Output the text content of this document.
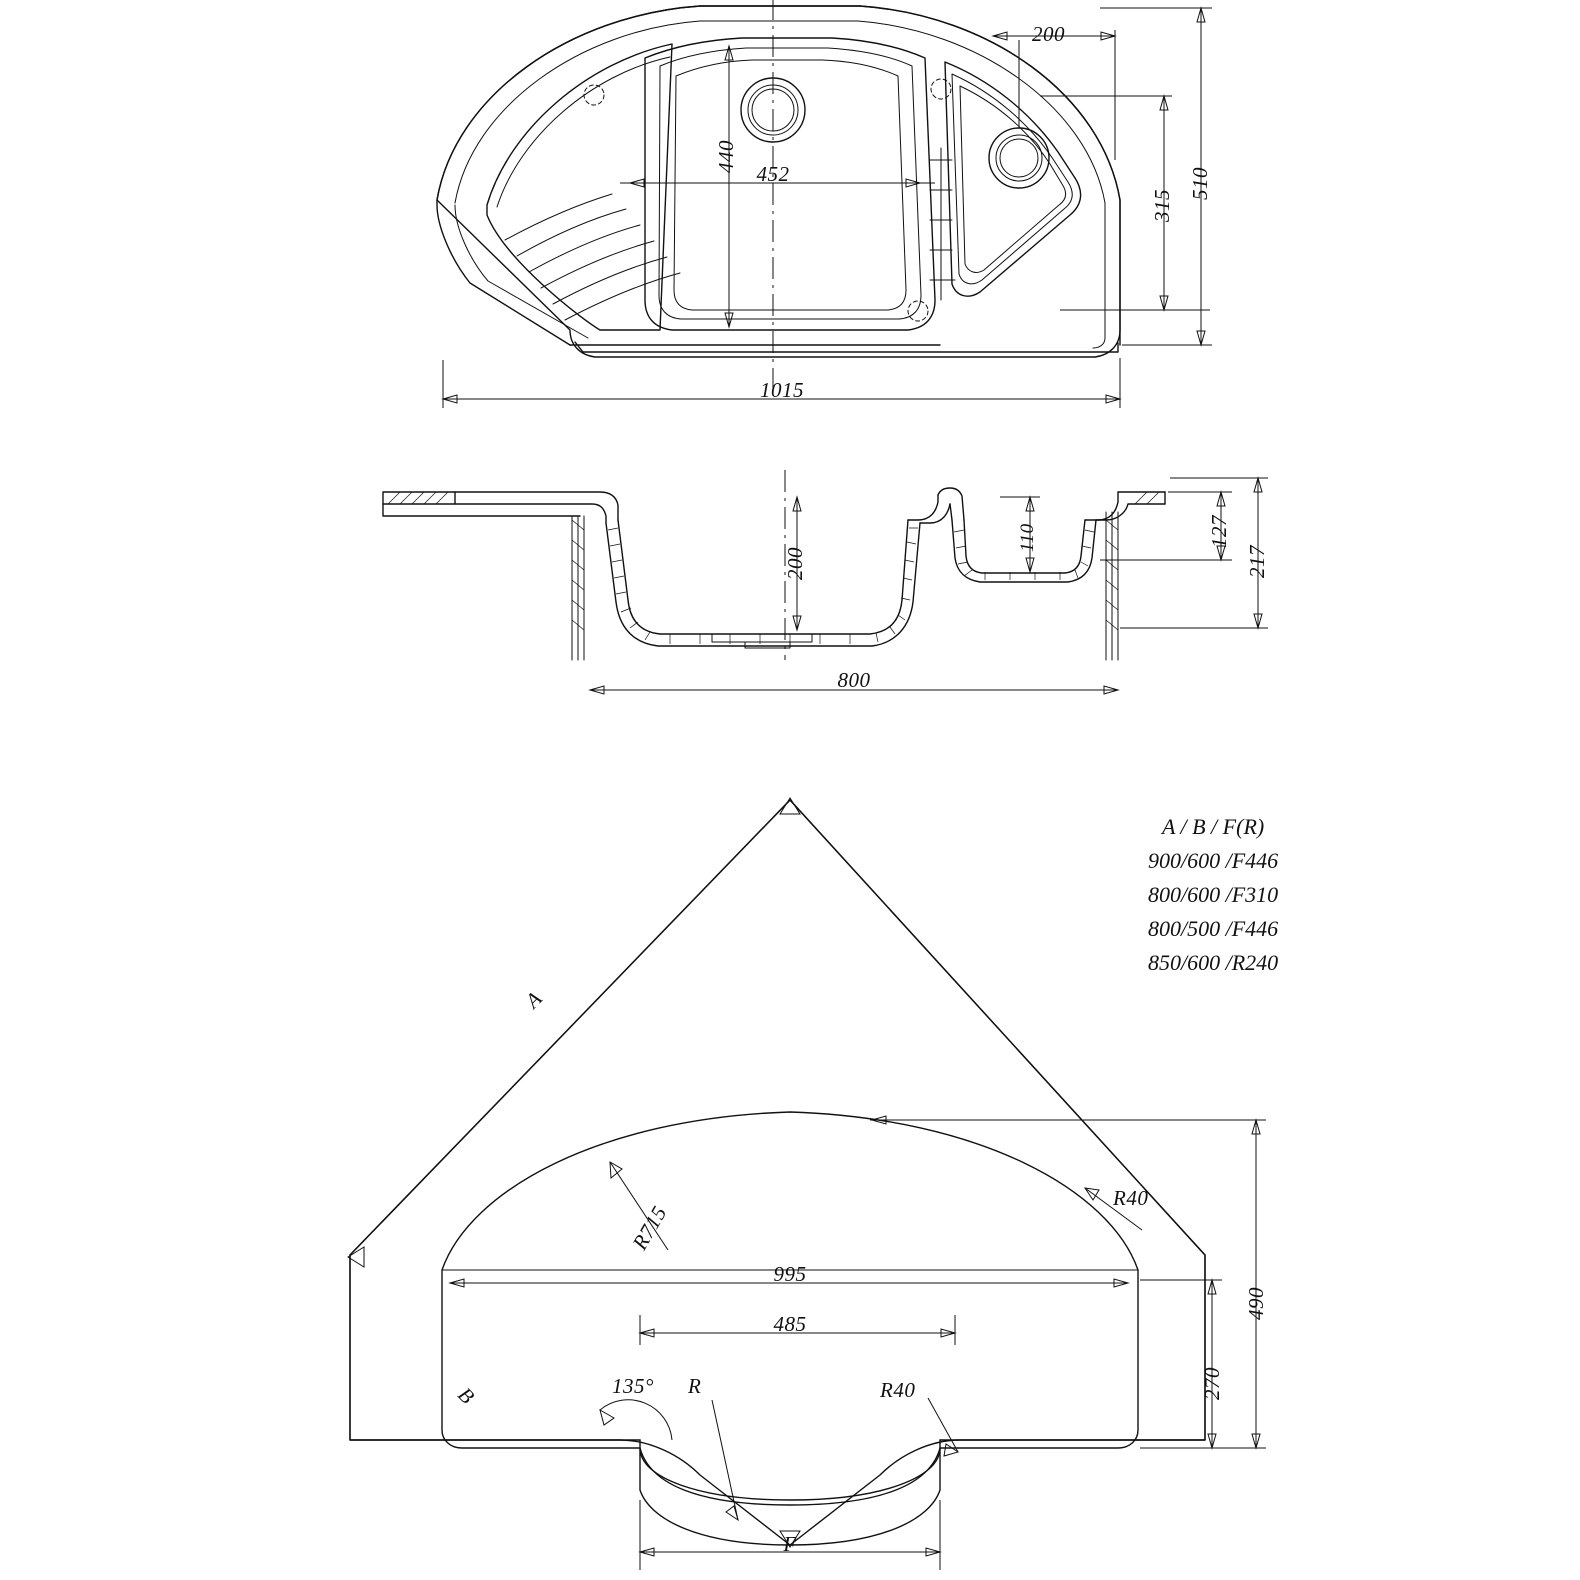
200
440
452
315
510
1015
200
110	127
217
800
A
B
R715
R40
R40
135° R
995
485
490
270
F
A / B / F(R)
900/600 /F446
800/600 /F310
800/500 /F446
850/600 /R240
